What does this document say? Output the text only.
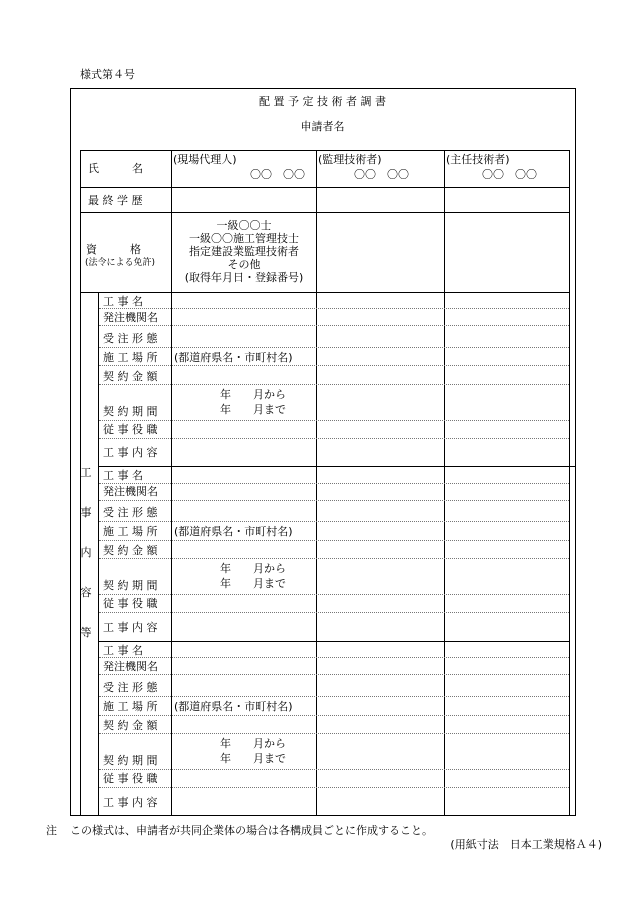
様式第４号
配 置 予 定 技 術 者 調 書
申請者名
氏　　　名
(現場代理人)
〇〇　〇〇
(監理技術者)
〇〇　〇〇
(主任技術者)
〇〇　〇〇
最 終 学 歴
資　　　格
(法令による免許)
一級〇〇士
一級〇〇施工管理技士
指定建設業監理技術者
その他
(取得年月日・登録番号)
工
事
内
容
等
工 事 名
発注機関名
受 注 形 態
施 工 場 所 (都道府県名・市町村名)
契 約 金 額
年　　月から
年　　月まで
契 約 期 間
従 事 役 職
工 事 内 容
工 事 名
発注機関名
受 注 形 態
施 工 場 所 (都道府県名・市町村名)
契 約 金 額
年　　月から
年　　月まで
契 約 期 間
従 事 役 職
工 事 内 容
工 事 名
発注機関名
受 注 形 態
施 工 場 所 (都道府県名・市町村名)
契 約 金 額
年　　月から
年　　月まで
契 約 期 間
従 事 役 職
工 事 内 容
注 この様式は、申請者が共同企業体の場合は各構成員ごとに作成すること。
(用紙寸法　日本工業規格Ａ４)
